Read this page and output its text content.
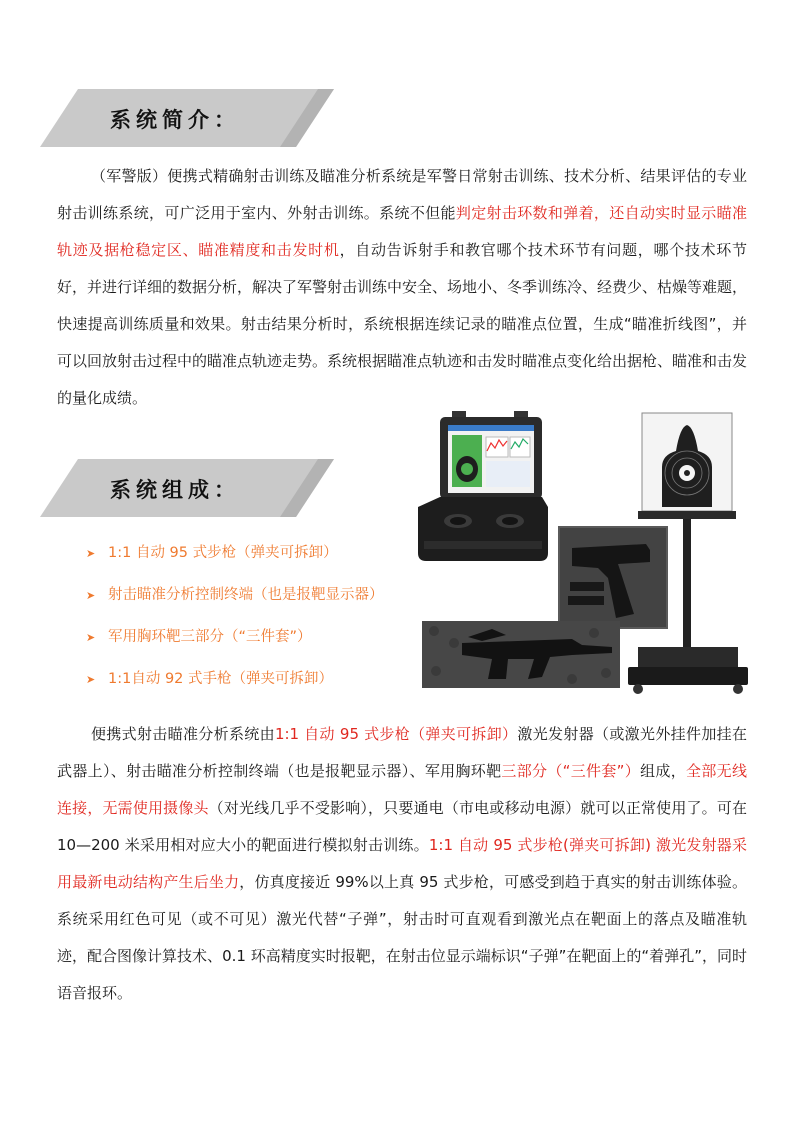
系统简介：
（军警版）便携式精确射击训练及瞄准分析系统是军警日常射击训练、技术分析、结果评估的专业射击训练系统，可广泛用于室内、外射击训练。系统不但能判定射击环数和弹着，还自动实时显示瞄准轨迹及据枪稳定区、瞄准精度和击发时机，自动告诉射手和教官哪个技术环节有问题，哪个技术环节好，并进行详细的数据分析，解决了军警射击训练中安全、场地小、冬季训练冷、经费少、枯燥等难题，快速提高训练质量和效果。射击结果分析时，系统根据连续记录的瞄准点位置，生成“瞄准折线图”，并可以回放射击过程中的瞄准点轨迹走势。系统根据瞄准点轨迹和击发时瞄准点变化给出据枪、瞄准和击发的量化成绩。
系统组成：
➤ 1:1 自动 95 式步枪（弹夹可拆卸）
➤ 射击瞄准分析控制终端（也是报靶显示器）
➤ 军用胸环靶三部分（“三件套”）
➤ 1:1自动 92 式手枪（弹夹可拆卸）
便携式射击瞄准分析系统由1:1 自动 95 式步枪（弹夹可拆卸）激光发射器（或激光外挂件加挂在武器上）、射击瞄准分析控制终端（也是报靶显示器）、军用胸环靶三部分（“三件套”）组成，全部无线连接，无需使用摄像头（对光线几乎不受影响），只要通电（市电或移动电源）就可以正常使用了。可在 10—200 米采用相对应大小的靶面进行模拟射击训练。1:1 自动 95 式步枪(弹夹可拆卸) 激光发射器采用最新电动结构产生后坐力，仿真度接近 99%以上真 95 式步枪，可感受到趋于真实的射击训练体验。系统采用红色可见（或不可见）激光代替“子弹”，射击时可直观看到激光点在靶面上的落点及瞄准轨迹，配合图像计算技术、0.1 环高精度实时报靶，在射击位显示端标识“子弹”在靶面上的“着弹孔”，同时语音报环。
